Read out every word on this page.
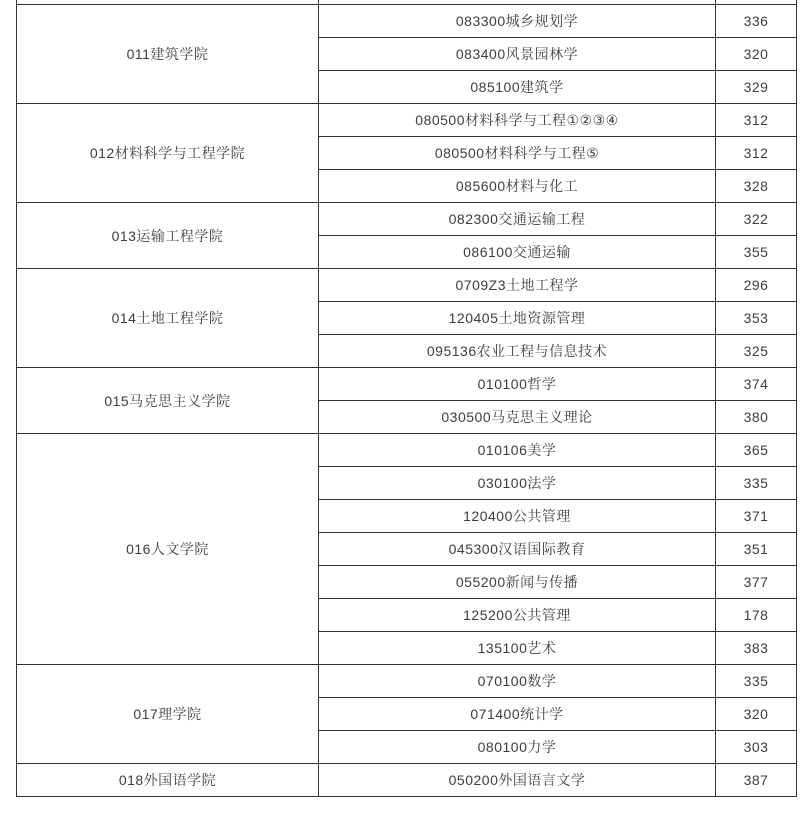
011建筑学院	083300城乡规划学	336
	083400风景园林学	320
	085100建筑学	329
012材料科学与工程学院	080500材料科学与工程①②③④	312
	080500材料科学与工程⑤	312
	085600材料与化工	328
013运输工程学院	082300交通运输工程	322
	086100交通运输	355
014土地工程学院	0709Z3土地工程学	296
	120405土地资源管理	353
	095136农业工程与信息技术	325
015马克思主义学院	010100哲学	374
	030500马克思主义理论	380
016人文学院	010106美学	365
	030100法学	335
	120400公共管理	371
	045300汉语国际教育	351
	055200新闻与传播	377
	125200公共管理	178
	135100艺术	383
017理学院	070100数学	335
	071400统计学	320
	080100力学	303
018外国语学院	050200外国语言文学	387
